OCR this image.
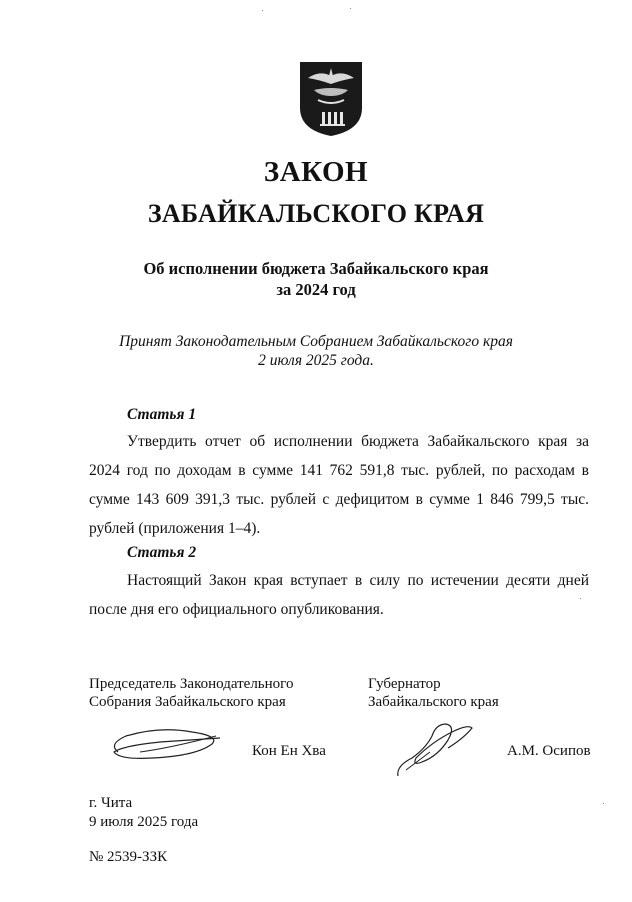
ЗАКОН
ЗАБАЙКАЛЬСКОГО КРАЯ
Об исполнении бюджета Забайкальского края
за 2024 год
Принят Законодательным Собранием Забайкальского края
2 июля 2025 года.
Статья 1
Утвердить отчет об исполнении бюджета Забайкальского края за 2024 год по доходам в сумме 141 762 591,8 тыс. рублей, по расходам в сумме 143 609 391,3 тыс. рублей с дефицитом в сумме 1 846 799,5 тыс. рублей (приложения 1–4).
Статья 2
Настоящий Закон края вступает в силу по истечении десяти дней после дня его официального опубликования.
Председатель Законодательного
Собрания Забайкальского края
Кон Ен Хва
Губернатор
Забайкальского края
А.М. Осипов
г. Чита
9 июля 2025 года
№ 2539-ЗЗК
